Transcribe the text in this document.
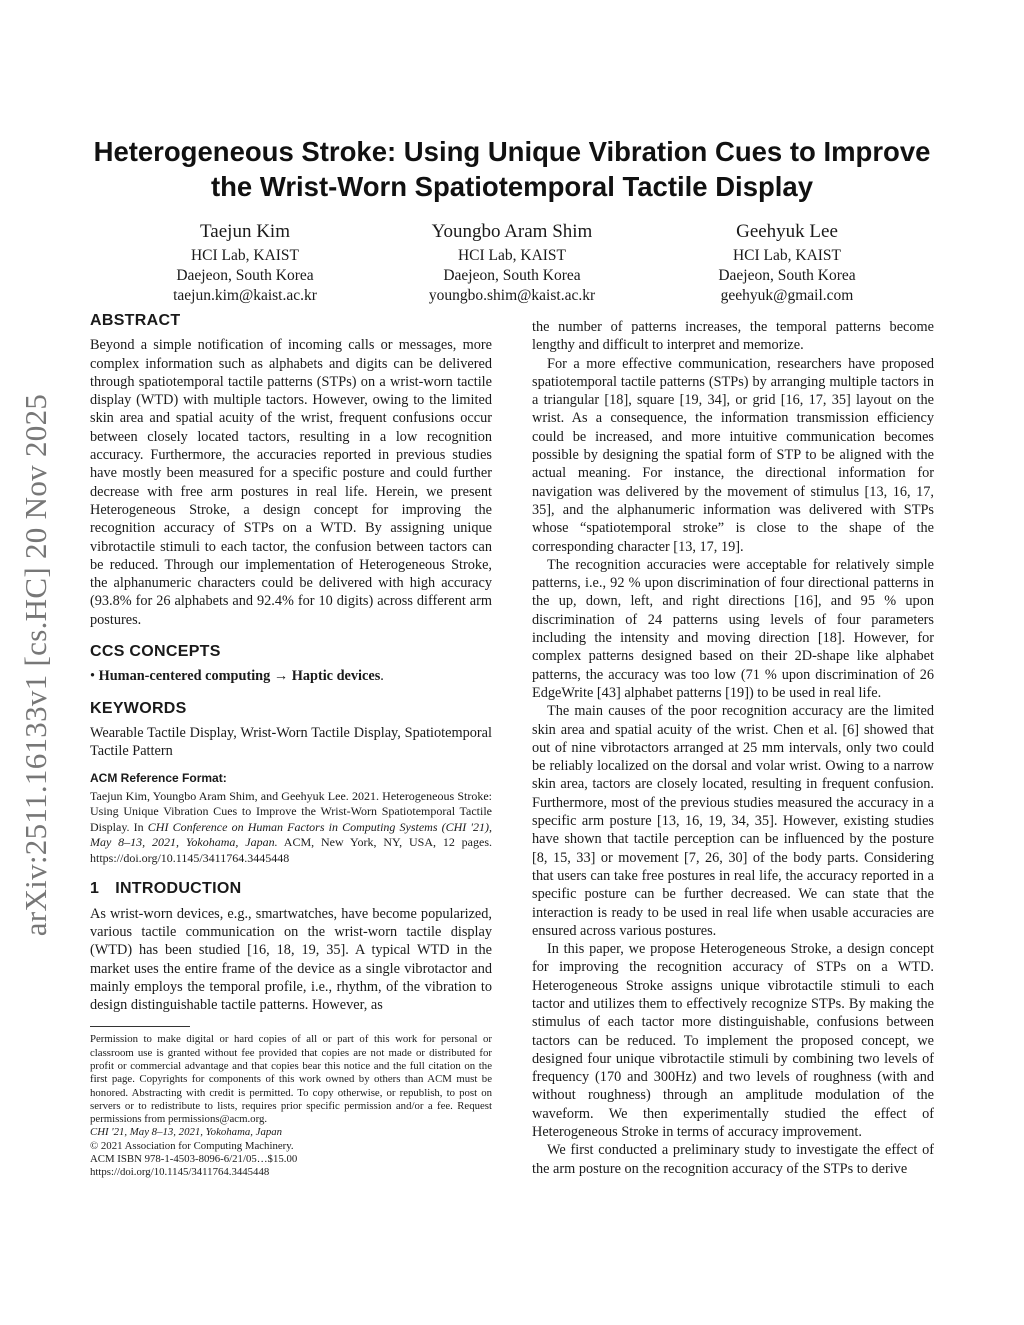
arXiv:2511.16133v1 [cs.HC] 20 Nov 2025
Heterogeneous Stroke: Using Unique Vibration Cues to Improve
the Wrist-Worn Spatiotemporal Tactile Display
Taejun Kim
HCI Lab, KAIST
Daejeon, South Korea
taejun.kim@kaist.ac.kr
Youngbo Aram Shim
HCI Lab, KAIST
Daejeon, South Korea
youngbo.shim@kaist.ac.kr
Geehyuk Lee
HCI Lab, KAIST
Daejeon, South Korea
geehyuk@gmail.com
ABSTRACT

Beyond a simple notification of incoming calls or messages, more complex information such as alphabets and digits can be delivered through spatiotemporal tactile patterns (STPs) on a wrist-worn tactile display (WTD) with multiple tactors. However, owing to the limited skin area and spatial acuity of the wrist, frequent confusions occur between closely located tactors, resulting in a low recognition accuracy. Furthermore, the accuracies reported in previous studies have mostly been measured for a specific posture and could further decrease with free arm postures in real life. Herein, we present Heterogeneous Stroke, a design concept for improving the recognition accuracy of STPs on a WTD. By assigning unique vibrotactile stimuli to each tactor, the confusion between tactors can be reduced. Through our implementation of Heterogeneous Stroke, the alphanumeric characters could be delivered with high accuracy (93.8% for 26 alphabets and 92.4% for 10 digits) across different arm postures.

CCS CONCEPTS

• Human-centered computing → Haptic devices.

KEYWORDS

Wearable Tactile Display, Wrist-Worn Tactile Display, Spatiotemporal Tactile Pattern

ACM Reference Format:

Taejun Kim, Youngbo Aram Shim, and Geehyuk Lee. 2021. Heterogeneous Stroke: Using Unique Vibration Cues to Improve the Wrist-Worn Spatiotemporal Tactile Display. In CHI Conference on Human Factors in Computing Systems (CHI '21), May 8–13, 2021, Yokohama, Japan. ACM, New York, NY, USA, 12 pages. https://doi.org/10.1145/3411764.3445448

1 INTRODUCTION

As wrist-worn devices, e.g., smartwatches, have become popularized, various tactile communication on the wrist-worn tactile display (WTD) has been studied [16, 18, 19, 35]. A typical WTD in the market uses the entire frame of the device as a single vibrotactor and mainly employs the temporal profile, i.e., rhythm, of the vibration to design distinguishable tactile patterns. However, as

Permission to make digital or hard copies of all or part of this work for personal or classroom use is granted without fee provided that copies are not made or distributed for profit or commercial advantage and that copies bear this notice and the full citation on the first page. Copyrights for components of this work owned by others than ACM must be honored. Abstracting with credit is permitted. To copy otherwise, or republish, to post on servers or to redistribute to lists, requires prior specific permission and/or a fee. Request permissions from permissions@acm.org.

CHI '21, May 8–13, 2021, Yokohama, Japan

© 2021 Association for Computing Machinery.

ACM ISBN 978-1-4503-8096-6/21/05…$15.00

https://doi.org/10.1145/3411764.3445448

the number of patterns increases, the temporal patterns become lengthy and difficult to interpret and memorize.

For a more effective communication, researchers have proposed spatiotemporal tactile patterns (STPs) by arranging multiple tactors in a triangular [18], square [19, 34], or grid [16, 17, 35] layout on the wrist. As a consequence, the information transmission efficiency could be increased, and more intuitive communication becomes possible by designing the spatial form of STP to be aligned with the actual meaning. For instance, the directional information for navigation was delivered by the movement of stimulus [13, 16, 17, 35], and the alphanumeric information was delivered with STPs whose “spatiotemporal stroke” is close to the shape of the corresponding character [13, 17, 19].

The recognition accuracies were acceptable for relatively simple patterns, i.e., 92 % upon discrimination of four directional patterns in the up, down, left, and right directions [16], and 95 % upon discrimination of 24 patterns using levels of four parameters including the intensity and moving direction [18]. However, for complex patterns designed based on their 2D-shape like alphabet patterns, the accuracy was too low (71 % upon discrimination of 26 EdgeWrite [43] alphabet patterns [19]) to be used in real life.

The main causes of the poor recognition accuracy are the limited skin area and spatial acuity of the wrist. Chen et al. [6] showed that out of nine vibrotactors arranged at 25 mm intervals, only two could be reliably localized on the dorsal and volar wrist. Owing to a narrow skin area, tactors are closely located, resulting in frequent confusion. Furthermore, most of the previous studies measured the accuracy in a specific arm posture [13, 16, 19, 34, 35]. However, existing studies have shown that tactile perception can be influenced by the posture [8, 15, 33] or movement [7, 26, 30] of the body parts. Considering that users can take free postures in real life, the accuracy reported in a specific posture can be further decreased. We can state that the interaction is ready to be used in real life when usable accuracies are ensured across various postures.

In this paper, we propose Heterogeneous Stroke, a design concept for improving the recognition accuracy of STPs on a WTD. Heterogeneous Stroke assigns unique vibrotactile stimuli to each tactor and utilizes them to effectively recognize STPs. By making the stimulus of each tactor more distinguishable, confusions between tactors can be reduced. To implement the proposed concept, we designed four unique vibrotactile stimuli by combining two levels of frequency (170 and 300Hz) and two levels of roughness (with and without roughness) through an amplitude modulation of the waveform. We then experimentally studied the effect of Heterogeneous Stroke in terms of accuracy improvement.

We first conducted a preliminary study to investigate the effect of the arm posture on the recognition accuracy of the STPs to derive
